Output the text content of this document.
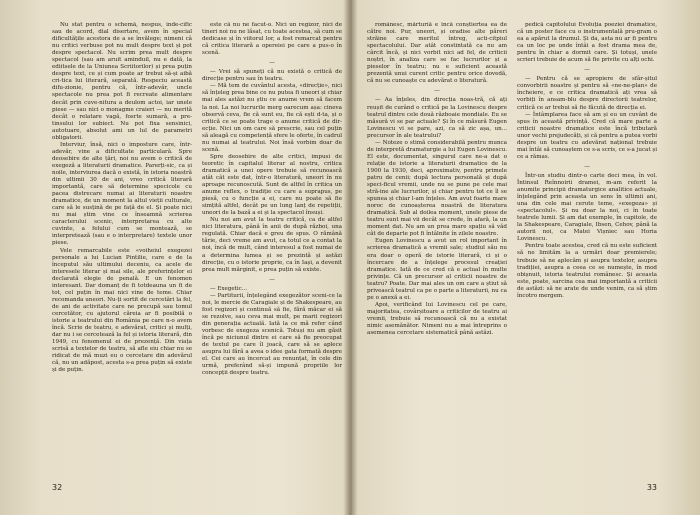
Nu stat pentru o schemă, nespus, inde-cific sau de acord, dial disertare, avem în special dificultățile acestora de a se învălege; nimeni câ nu critici verbuse pot nu mult despre text și pot despre spectacol. Nu scrim prea mult despre spectacol (sau am aruit aminduil, nu e dată, la ediitsele de la Uniunea Scriitorilor) și prea puțin despre text, ce și cum poate ar trebui să-și aibă cri-tica lui literară, separată. Respeciu această difu-zionie, pentru că, într-adevăr, uncle spectacole nu prea pot fi recreate alimentare decât prin cuve-nitura a deulom actoi, iar unele piese — sau nici o monagme craieri — nu merită decât o relatare vagă, fosrte sumară, a pre-tinsului lor subiect. Nu pot fixa sensinici, autotuare, absolut ami un lul de parametri obligatorii.

Interviur, însă, nici o imposture care, într-adevăr, vine a dificultate particulară. Spre deosebire de alte țări, noi nu avem o critică de exegeză a literaturii dramatice. Parerți-sic, ca și noile, interviurea dacă o există, în istoria noastră din ultimii 30 de ani, vreo critică literară importantă, care să determine specicole cu pacea distrecare numai ai literaturii noastre dramatice, de un moment la altul vieții culturale, care să le susțină de pe față de el. Și poate nici nu mai știm vine ce înseamnă scrierea caracterului scenic, interpretarea cu alte cuvinte, a felului cum se montează, se interpretează (sau e o interpretare) textele unor piese.

Vele remarcabile este «voiheiul exegezei personale a lui Lucian Pintilie, care e de la începutul său ultimului deceniu, ca acele de interesele literar și mai sile, ale preferințelor ei declarată elegie de penală. E un fenomen interesant. Dar domanț de fi totdeauna un fi de tot, cel puțin în mai nici vine de teme. Chiar recomanda uneori. Nu-ți sortit de cercetări la fel, de ani de activitate care ne precupă sau tomul cercetător, cu ajutorul căreia ar fi posibilă o istorie a teatrului din România pe care n-o avem încă. Scrie de teatru, e adevărat, critici și mulți, dar nu i se cercetează la fel și istoria literară, din 1949, cu fenomenul ei de prezență. Din viața scrisă a textelor de teatru, să afle eiu chiar nu se ridicat de mă muzi eu o cercetare din adevărul că, nu un adăpost, acesta s-a prea puțin să existe și de puțin.

este că nu ne facut-o. Nici un regizor, nici de tineri noi nu ne lăsat, cu toate acestea, să cum se dedicase și în viitorul lor, a fost remarcat pentru că critica literară a opereiei pe care a pus-o în scenă.

—

— Vrei să spuneți că nu există o critică de direcție pentru sau în teatru.

— Mă tem de cuvântul acesta, «direcție», nici să înțeleg prea bine ce nu putea fi uneori și chiar mai ales astăzi nu știu ce anume vrem să facem la noi. La noi lucrurile merg oarecum așa: cineva observă ceva, fie că sunt eu, fie că ești d-ta, și o critică ce se poate trage o anume critică de dir-ecție. Nici un om care să prescrie, sau cel puțin să aleagă cu competență sfere le oferte, în cadrul nu numai al teatrului. Noi însă vorbim doar de scenă.

Spre deosebire de alte critici, impusi de teoretic în capitalul literar al nostru, critica dramatică a unei opere trebuie să recunoască atât cât este dat, într-o literatură, uneori în nu aproape recunoscută. Sunt de altfel în critica un anume reflex, o tradiție cu care a suprapus, pe piesă, cu o funcție a ei, care nu poate să fie simțită altfel, decât pe un lung lanț de repetiții, uneori de la bază a ei și la spectacol însuși.

Nu noi am avut la teatru critică, ca de altfel nici literatura, până în anii de după război, una regulată. Chiar dacă e greu de spus. O rămână tărie, deci vreme am avut, ca totul ce a contat la noi, încă de mult, când interesul a fost numai de a determina lumea și se prezintă și astăzi direcție, cu o istorie proprie, ca în Iași, a devenit prea mult mărginit, e prea puțin să existe.

—

— Exegetic...

— Partiturii, înțelegând exegezător sceni-ce la noi, le mercie de Caragiale și de Shakespeare, au fost regizori și continuă să fie, fără măcar ei să se rezolve, sau ceva mai mult, pe marii regizori din generația actuală. Iată la ce mă refer când vorbesc de exegeza scenică. Totuși nu am găsit încă pe niciunul dintre ei care să fie preocupat de textul pe care îl joacă, care să se aplece asupra lui fără a avea o idee gata formată despre el. Cei care au încercat au renunțat, în cele din urmă, preferând să-și impună propriile lor concepții despre teatru.

32

românesc, mărturiă e încă conștiertea ea de către noi. Pur, uneori, și oradise alte păreri străine care meritul întreg, acti-citpiul spectacolului. Dar atât constintată ca nu am cârcit încă, și nici vorbit nici ad fel, de criticii noștri, în analiza care se fac lucrurilor și a pieselor în teatru; nu e suficient această prezentă unui curent critic pentru orice dovedă, că nu se cunoaște cu adevărat o literatură.

—

— Aa înțeles, din direcția noas-tră, că ați reușit de curând o critică pe la Lovinescu despre teatrul dintre cele două războaie mondiale. Eu se măsură vi se par actuale? Și în ce măsură Eugen Lovinescu vi se pare, azi, ca să zic așa, un... precursor în ale teatrului?

— Noteze o stimă considerabilă pentru munca de interpretă dramaturgie a lui Eugen Lovinescu. El este, documentat, singurul care ne-a dat o relație de istorie a literaturii dramatice de la 1900 la 1930, deci, aproximativ, pentru primele patru de cenii; după lectura personală și după speci-ficul vremii, unde nu se pune pe cele mai stră-ine ale lucrurilor, și chiar pentru tot ce îl se spunea și chiar l-am înțeles. Am avut foarte mare noroc de cunoașterea noastră de literatura dramatică. Sub al doilea moment, unele piese de teatru sunt mai vii decât se crede, în afară, la un moment dat. Nu am un prea mare spațiu să văd cât de departe pot fi întâlnite în zilele noastre.

Eugen Lovinescu a avut un rol important în scrierea dramatică a vremii sale; studiul său nu era doar o operă de istorie literară, ci și o încercare de a înțelege procesul creației dramatice. Iată de ce cred că e actual în multe privințe. Că un precursor al criticii noastre de teatru? Poate. Dar mai ales un om care a știut să privească teatrul ca pe o parte a literaturii, nu ca pe o anexă a ei.

Apoi, verificând lui Lovinescu cel pe care, majoritatea, covârșitoare a criticilor de teatru ai vremii, trebuie să recunoască că nu a existat nimic asemănător. Nimeni nu a mai întreprins o asemenea cercetare sistematică până astăzi.

pedică capitolului Evoluția poeziei dramatice, că un poster face cu o instrumentală pru-gram o ea a apărut la drumul. Și da, asta nu ar fi pentru ca un loc pe unde întâi a fost drama mea de, pentru în chiar a dormit care. Și totuși, unele scrieri trebuie de acum să fie privite cu alți ochi.

—

— Pentru că se apropiere de sfâr-șitul convorbirii noastre și pentru să «ne-ne-plan» de încheiere, e ce critica dramatică ați vrea să vorbiți în ansam-blu despre directorii teatrelor, critică ce ar trebui să fie făcută de direcția ei.

— Întâmplarea face să am și eu un cuvânt de spus în această privință. Cred că mare parte a criticii noastre dramatice este încă tributară unor vechi prejudecăți, și că pentru a putea vorbi despre un teatru cu adevărat național trebuie mai întâi să cunoaștem ce s-a scris, ce s-a jucat și ce a rămas.

—

Într-un studiu dintr-o carte deci mea, în vol. Întinsul Reînnoirii dramei, m-am referit la anumite principii dramaturgice analitice actuale, înțelegând prin aceasta un sens în ultimii ani, una din cele mai cerute teme, «exegeza» și «spectacolul». Și nu doar la noi, ci în toate teatrele lumii. Și am dat exemple, în capitole, de la Shakespeare, Caragiale, Ibsen, Cehov, până la autorii noi, ca Matei Vișniec sau Horia Lovinescu.

Pentru toate acestea, cred că nu este suficient să ne limităm la a urmări doar premierele; trebuie să ne aplecăm și asupra textelor, asupra tradiției, asupra a ceea ce se numește, în mod obișnuit, istoria teatrului românesc. Și aceasta este, poate, sarcina cea mai importantă a criticii de astăzi: să ne arate de unde venim, ca să știm încotro mergem.

33
